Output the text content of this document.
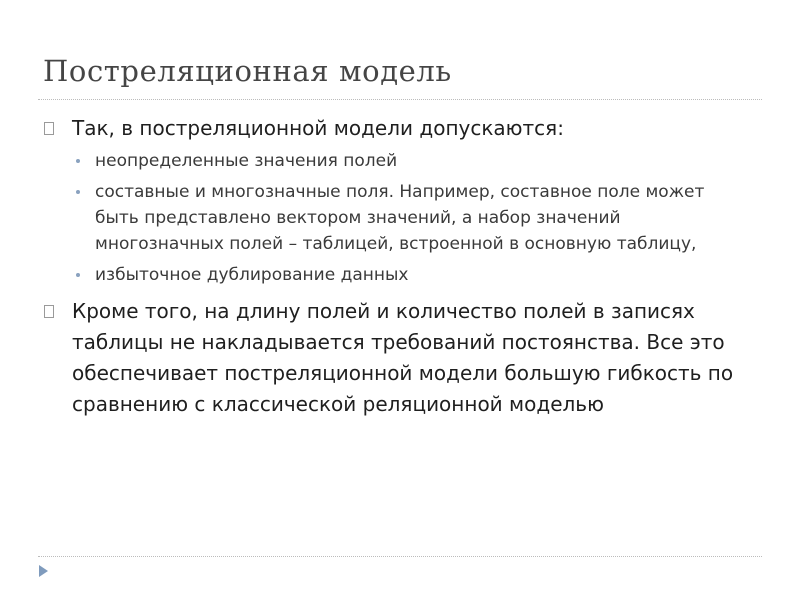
Постреляционная модель
Так, в постреляционной модели допускаются:
неопределенные значения полей
составные и многозначные поля. Например, составное поле может быть представлено вектором значений, а набор значений многозначных полей – таблицей, встроенной в основную таблицу,
избыточное дублирование данных
Кроме того, на длину полей и количество полей в записях таблицы не накладывается требований постоянства. Все это обеспечивает постреляционной модели большую гибкость по сравнению с классической реляционной моделью
